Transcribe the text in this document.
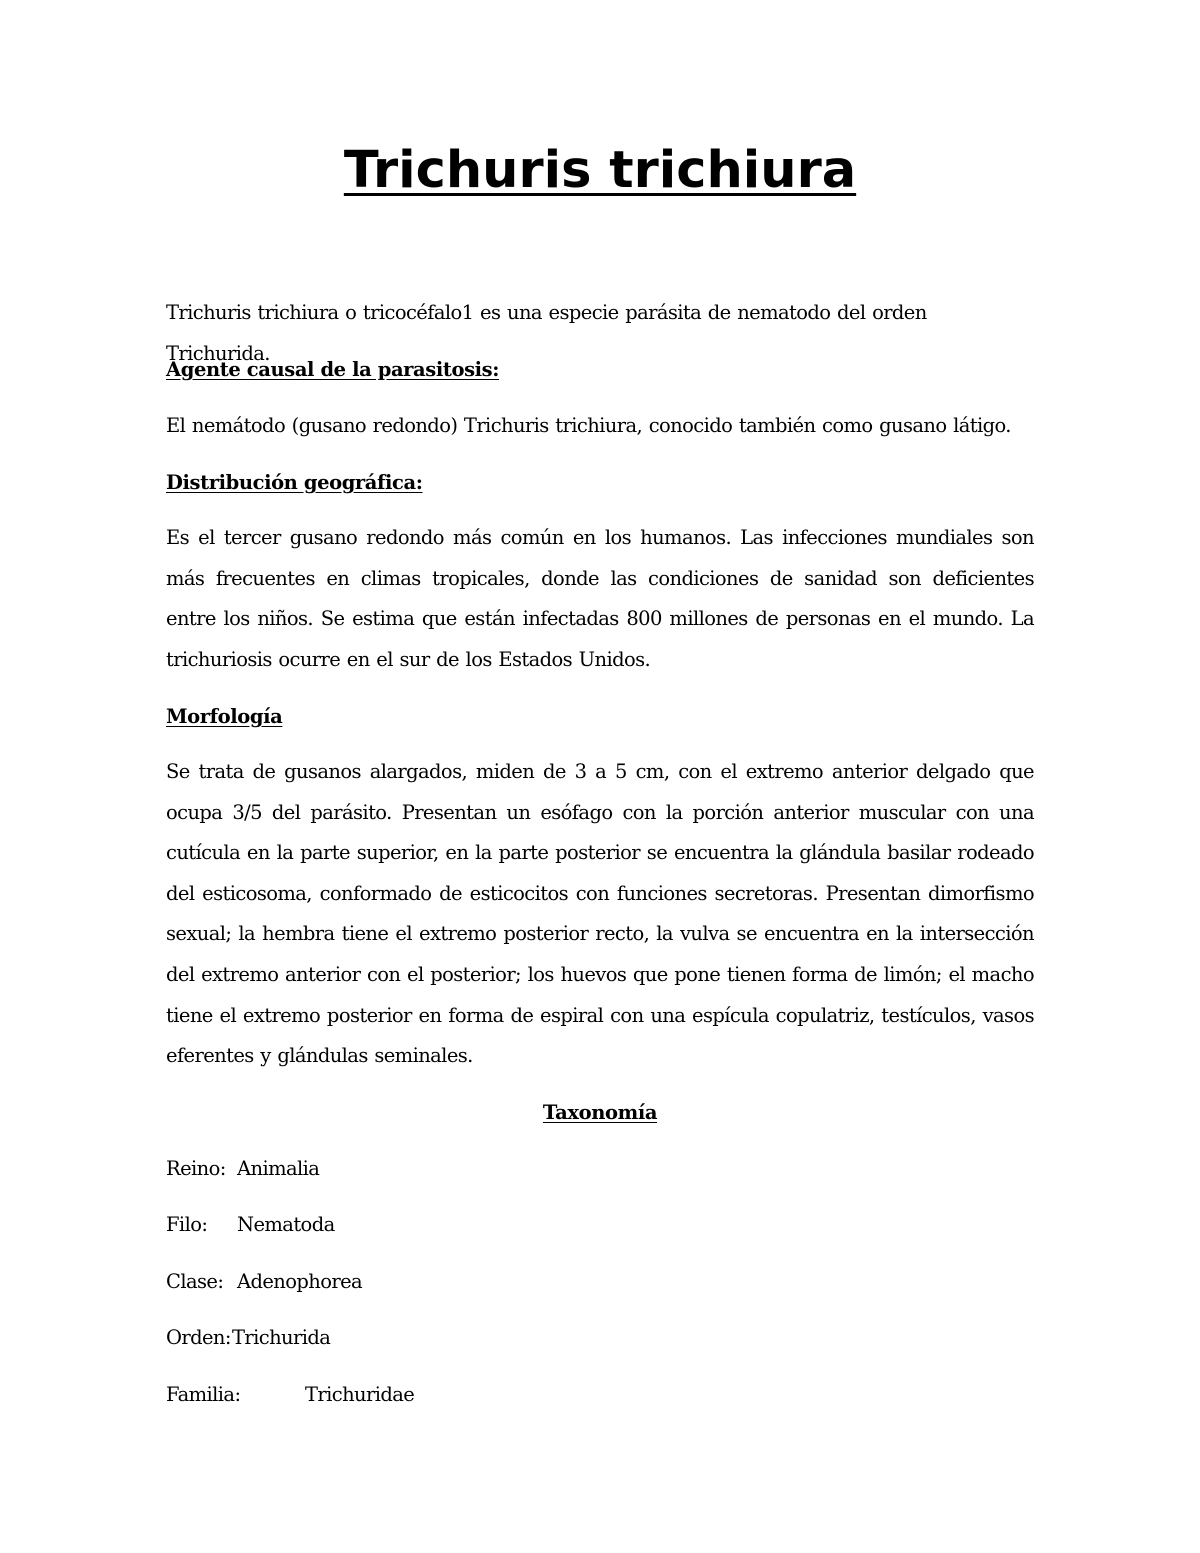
Trichuris trichiura

Trichuris trichiura o tricocéfalo1 es una especie parásita de nematodo del orden Trichurida.

Agente causal de la parasitosis:

El nemátodo (gusano redondo) Trichuris trichiura, conocido también como gusano látigo.

Distribución geográfica:

Es el tercer gusano redondo más común en los humanos. Las infecciones mundiales son más frecuentes en climas tropicales, donde las condiciones de sanidad son deficientes entre los niños. Se estima que están infectadas 800 millones de personas en el mundo. La trichuriosis ocurre en el sur de los Estados Unidos.

Morfología

Se trata de gusanos alargados, miden de 3 a 5 cm, con el extremo anterior delgado que ocupa 3/5 del parásito. Presentan un esófago con la porción anterior muscular con una cutícula en la parte superior, en la parte posterior se encuentra la glándula basilar rodeado del esticosoma, conformado de esticocitos con funciones secretoras. Presentan dimorfismo sexual; la hembra tiene el extremo posterior recto, la vulva se encuentra en la intersección del extremo anterior con el posterior; los huevos que pone tienen forma de limón; el macho tiene el extremo posterior en forma de espiral con una espícula copulatriz, testículos, vasos eferentes y glándulas seminales.

Taxonomía

Reino: Animalia
Filo: Nematoda
Clase: Adenophorea
Orden: Trichurida
Familia:	Trichuridae
